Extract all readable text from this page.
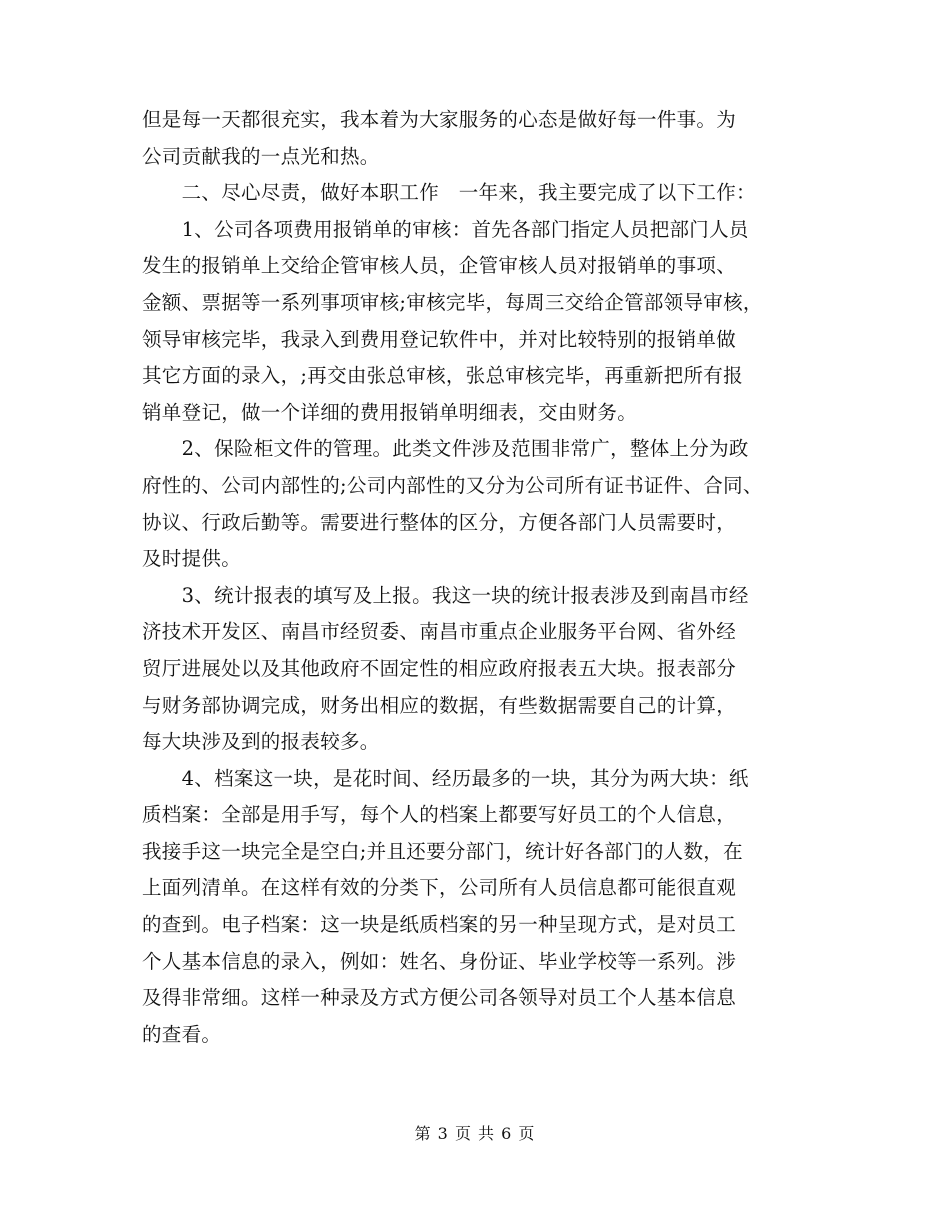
但是每一天都很充实，我本着为大家服务的心态是做好每一件事。为
公司贡献我的一点光和热。
　　二、尽心尽责，做好本职工作　一年来，我主要完成了以下工作：
　　1、公司各项费用报销单的审核：首先各部门指定人员把部门人员
发生的报销单上交给企管审核人员，企管审核人员对报销单的事项、
金额、票据等一系列事项审核;审核完毕，每周三交给企管部领导审核，
领导审核完毕，我录入到费用登记软件中，并对比较特别的报销单做
其它方面的录入，;再交由张总审核，张总审核完毕，再重新把所有报
销单登记，做一个详细的费用报销单明细表，交由财务。
　　2、保险柜文件的管理。此类文件涉及范围非常广，整体上分为政
府性的、公司内部性的;公司内部性的又分为公司所有证书证件、合同、
协议、行政后勤等。需要进行整体的区分，方便各部门人员需要时，
及时提供。
　　3、统计报表的填写及上报。我这一块的统计报表涉及到南昌市经
济技术开发区、南昌市经贸委、南昌市重点企业服务平台网、省外经
贸厅进展处以及其他政府不固定性的相应政府报表五大块。报表部分
与财务部协调完成，财务出相应的数据，有些数据需要自己的计算，
每大块涉及到的报表较多。
　　4、档案这一块，是花时间、经历最多的一块，其分为两大块：纸
质档案：全部是用手写，每个人的档案上都要写好员工的个人信息，
我接手这一块完全是空白;并且还要分部门，统计好各部门的人数，在
上面列清单。在这样有效的分类下，公司所有人员信息都可能很直观
的查到。电子档案：这一块是纸质档案的另一种呈现方式，是对员工
个人基本信息的录入，例如：姓名、身份证、毕业学校等一系列。涉
及得非常细。这样一种录及方式方便公司各领导对员工个人基本信息
的查看。
第 3 页 共 6 页
